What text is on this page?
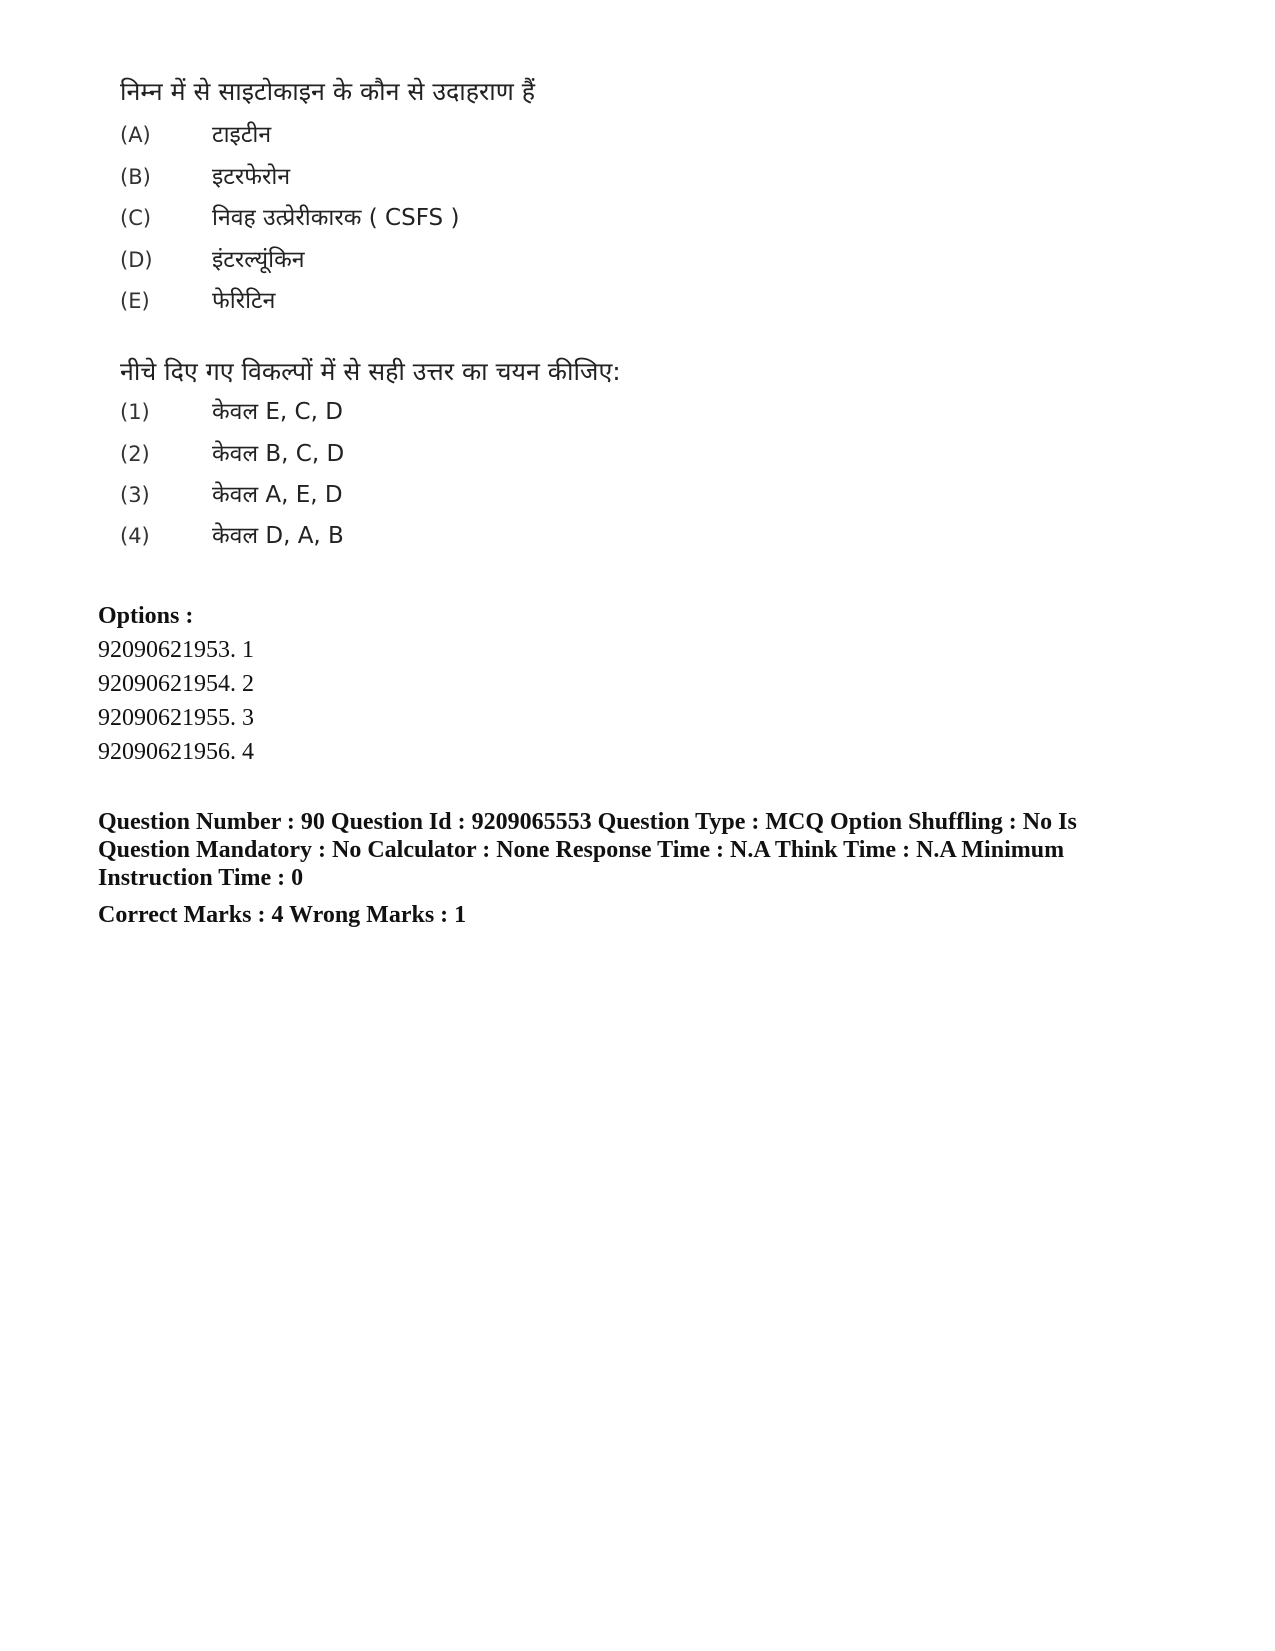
निम्न में से साइटोकाइन के कौन से उदाहराण हैं
(A)	टाइटीन
(B)	इटरफेरोन
(C)	निवह उत्प्रेरीकारक ( CSFS )
(D)	इंटरल्यूंकिन
(E)	फेरिटिन
नीचे दिए गए विकल्पों में से सही उत्तर का चयन कीजिए:
(1)	केवल E, C, D
(2)	केवल B, C, D
(3)	केवल A, E, D
(4)	केवल D, A, B
Options :
92090621953. 1
92090621954. 2
92090621955. 3
92090621956. 4
Question Number : 90 Question Id : 9209065553 Question Type : MCQ Option Shuffling : No Is Question Mandatory : No Calculator : None Response Time : N.A Think Time : N.A Minimum Instruction Time : 0
Correct Marks : 4 Wrong Marks : 1
